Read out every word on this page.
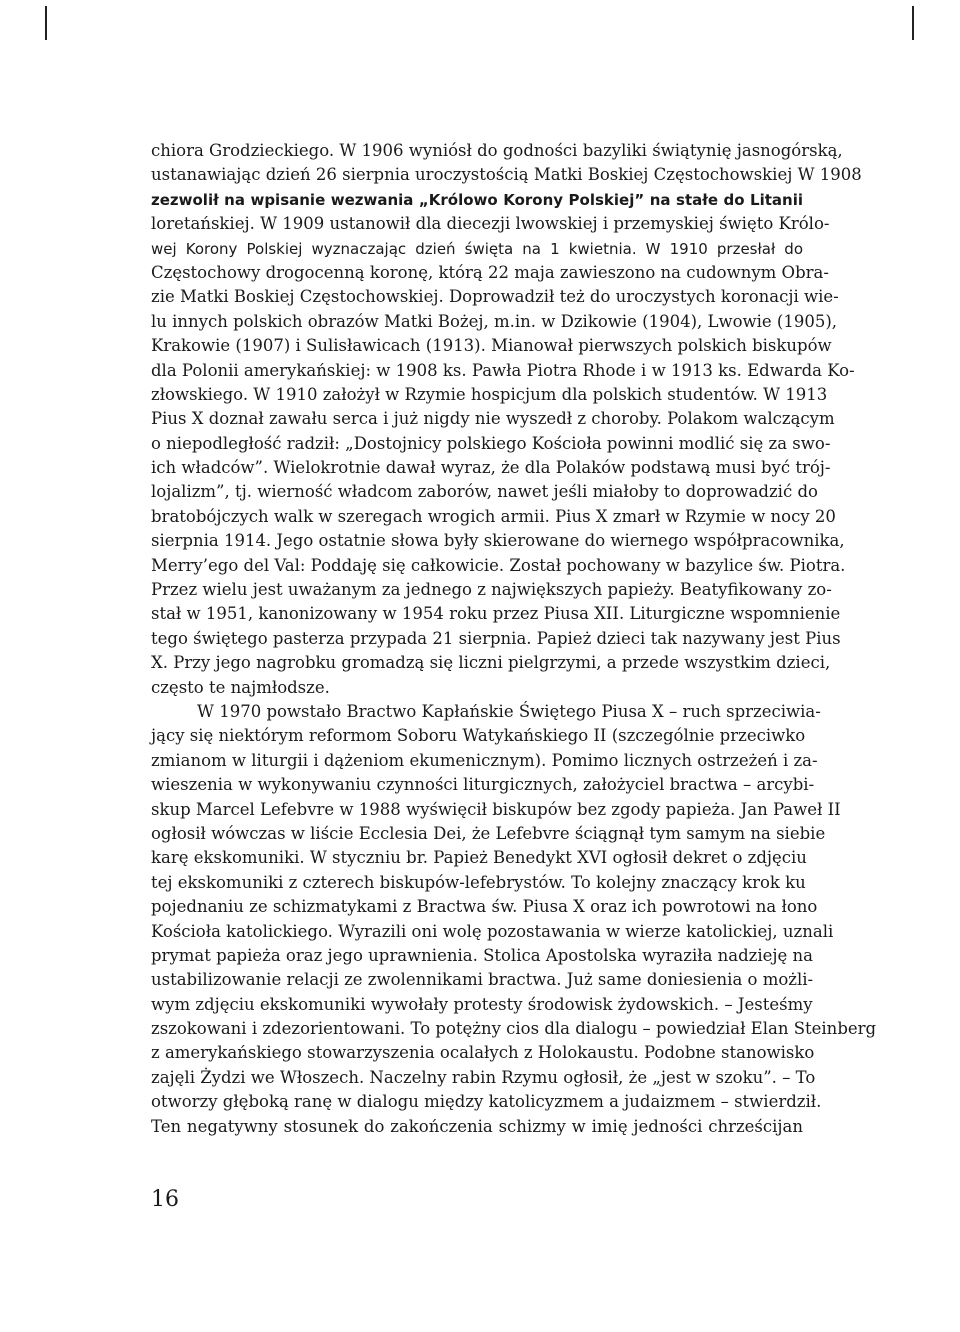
chiora Grodzieckiego. W 1906 wyniósł do godności bazyliki świątynię jasnogórską,
ustanawiając dzień 26 sierpnia uroczystością Matki Boskiej Częstochowskiej W 1908
zezwolił na wpisanie wezwania „Królowo Korony Polskiej” na stałe do Litanii
loretańskiej. W 1909 ustanowił dla diecezji lwowskiej i przemyskiej święto Królo-
wej Korony Polskiej wyznaczając dzień święta na 1 kwietnia. W 1910 przesłał do
Częstochowy drogocenną koronę, którą 22 maja zawieszono na cudownym Obra-
zie Matki Boskiej Częstochowskiej. Doprowadził też do uroczystych koronacji wie-
lu innych polskich obrazów Matki Bożej, m.in. w Dzikowie (1904), Lwowie (1905),
Krakowie (1907) i Sulisławicach (1913). Mianował pierwszych polskich biskupów
dla Polonii amerykańskiej: w 1908 ks. Pawła Piotra Rhode i w 1913 ks. Edwarda Ko-
złowskiego. W 1910 założył w Rzymie hospicjum dla polskich studentów. W 1913
Pius X doznał zawału serca i już nigdy nie wyszedł z choroby. Polakom walczącym
o niepodległość radził: „Dostojnicy polskiego Kościoła powinni modlić się za swo-
ich władców”. Wielokrotnie dawał wyraz, że dla Polaków podstawą musi być trój-
lojalizm”, tj. wierność władcom zaborów, nawet jeśli miałoby to doprowadzić do
bratobójczych walk w szeregach wrogich armii. Pius X zmarł w Rzymie w nocy 20
sierpnia 1914. Jego ostatnie słowa były skierowane do wiernego współpracownika,
Merry’ego del Val: Poddaję się całkowicie. Został pochowany w bazylice św. Piotra.
Przez wielu jest uważanym za jednego z największych papieży. Beatyfikowany zo-
stał w 1951, kanonizowany w 1954 roku przez Piusa XII. Liturgiczne wspomnienie
tego świętego pasterza przypada 21 sierpnia. Papież dzieci tak nazywany jest Pius
X. Przy jego nagrobku gromadzą się liczni pielgrzymi, a przede wszystkim dzieci,
często te najmłodsze.
W 1970 powstało Bractwo Kapłańskie Świętego Piusa X – ruch sprzeciwia-
jący się niektórym reformom Soboru Watykańskiego II (szczególnie przeciwko
zmianom w liturgii i dążeniom ekumenicznym). Pomimo licznych ostrzeżeń i za-
wieszenia w wykonywaniu czynności liturgicznych, założyciel bractwa – arcybi-
skup Marcel Lefebvre w 1988 wyświęcił biskupów bez zgody papieża. Jan Paweł II
ogłosił wówczas w liście Ecclesia Dei, że Lefebvre ściągnął tym samym na siebie
karę ekskomuniki. W styczniu br. Papież Benedykt XVI ogłosił dekret o zdjęciu
tej ekskomuniki z czterech biskupów-lefebrystów. To kolejny znaczący krok ku
pojednaniu ze schizmatykami z Bractwa św. Piusa X oraz ich powrotowi na łono
Kościoła katolickiego. Wyrazili oni wolę pozostawania w wierze katolickiej, uznali
prymat papieża oraz jego uprawnienia. Stolica Apostolska wyraziła nadzieję na
ustabilizowanie relacji ze zwolennikami bractwa. Już same doniesienia o możli-
wym zdjęciu ekskomuniki wywołały protesty środowisk żydowskich. – Jesteśmy
zszokowani i zdezorientowani. To potężny cios dla dialogu – powiedział Elan Steinberg
z amerykańskiego stowarzyszenia ocalałych z Holokaustu. Podobne stanowisko
zajęli Żydzi we Włoszech. Naczelny rabin Rzymu ogłosił, że „jest w szoku”. – To
otworzy głęboką ranę w dialogu między katolicyzmem a judaizmem – stwierdził.
Ten negatywny stosunek do zakończenia schizmy w imię jedności chrześcijan
16
